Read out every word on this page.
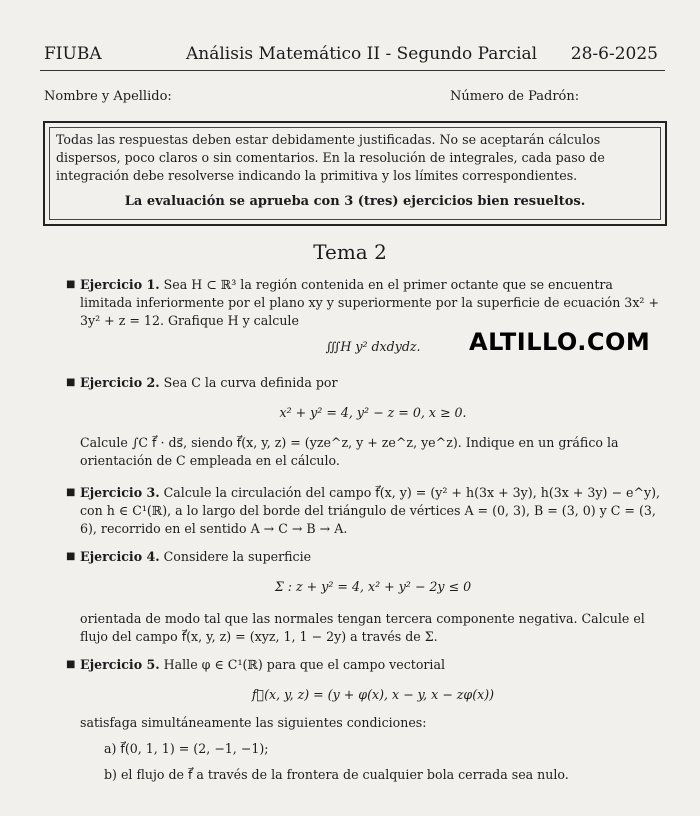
FIUBA	Análisis Matemático II - Segundo Parcial 28-6-2025
Nombre y Apellido:	Número de Padrón:
Todas las respuestas deben estar debidamente justificadas. No se aceptarán cálculos dispersos, poco claros o sin comentarios. En la resolución de integrales, cada paso de integración debe resolverse indicando la primitiva y los límites correspondientes.
La evaluación se aprueba con 3 (tres) ejercicios bien resueltos.
Tema 2
■ Ejercicio 1. Sea H ⊂ ℝ³ la región contenida en el primer octante que se encuentra limitada inferiormente por el plano xy y superiormente por la superficie de ecuación 3x² + 3y² + z = 12. Grafique H y calcule
∭H y² dxdydz.
■ Ejercicio 2. Sea C la curva definida por
x² + y² = 4, y² − z = 0, x ≥ 0.
Calcule ∫C f⃗ · ds⃗, siendo f⃗(x, y, z) = (yze^z, y + ze^z, ye^z). Indique en un gráfico la orientación de C empleada en el cálculo.
■ Ejercicio 3. Calcule la circulación del campo f⃗(x, y) = (y² + h(3x + 3y), h(3x + 3y) − e^y), con h ∈ C¹(ℝ), a lo largo del borde del triángulo de vértices A = (0, 3), B = (3, 0) y C = (3, 6), recorrido en el sentido A → C → B → A.
■ Ejercicio 4. Considere la superficie
Σ : z + y² = 4, x² + y² − 2y ≤ 0
orientada de modo tal que las normales tengan tercera componente negativa. Calcule el flujo del campo f⃗(x, y, z) = (xyz, 1, 1 − 2y) a través de Σ.
■ Ejercicio 5. Halle φ ∈ C¹(ℝ) para que el campo vectorial
f⃗(x, y, z) = (y + φ(x), x − y, x − zφ(x))
satisfaga simultáneamente las siguientes condiciones:
a) f⃗(0, 1, 1) = (2, −1, −1);
b) el flujo de f⃗ a través de la frontera de cualquier bola cerrada sea nulo.
ALTILLO.COM
